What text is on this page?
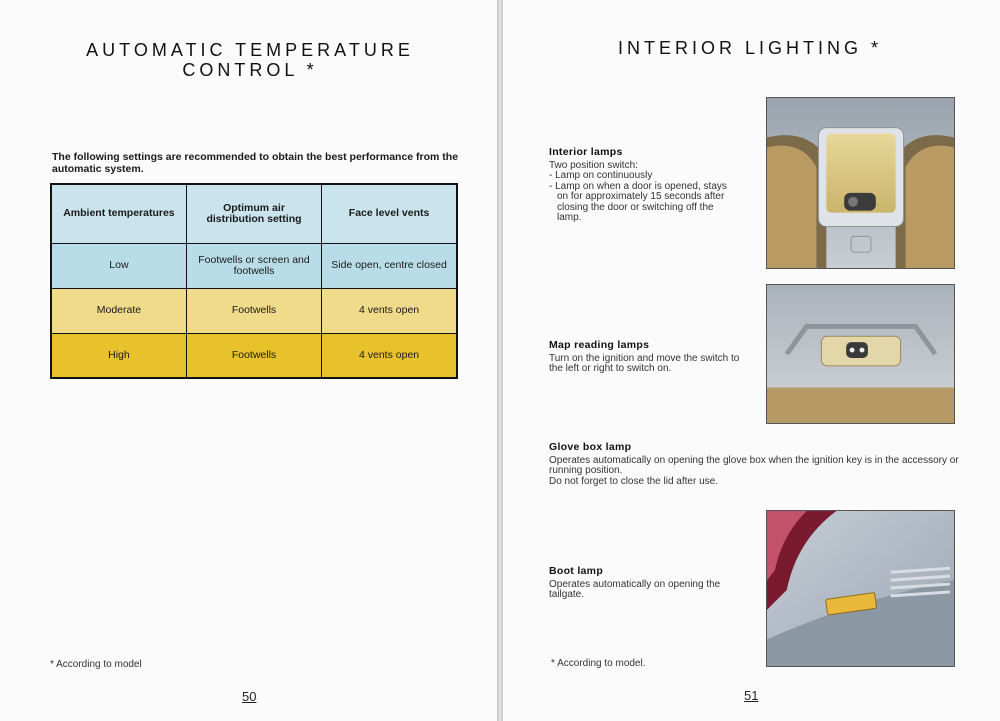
AUTOMATIC TEMPERATURE
CONTROL *

The following settings are recommended to obtain the best performance from the automatic system.

Ambient temperatures	Optimum air distribution setting	Face level vents
Low	Footwells or screen and footwells	Side open, centre closed
Moderate	Footwells	4 vents open
High	Footwells	4 vents open
* According to model
50
INTERIOR LIGHTING *
Interior lamps

Two position switch:

- Lamp on continuously
- Lamp on when a door is opened, stays on for approximately 15 seconds after closing the door or switching off the lamp.
Map reading lamps

Turn on the ignition and move the switch to the left or right to switch on.

Glove box lamp

Operates automatically on opening the glove box when the ignition key is in the accessory or running position.

Do not forget to close the lid after use.

Boot lamp

Operates automatically on opening the tailgate.

* According to model.
51
